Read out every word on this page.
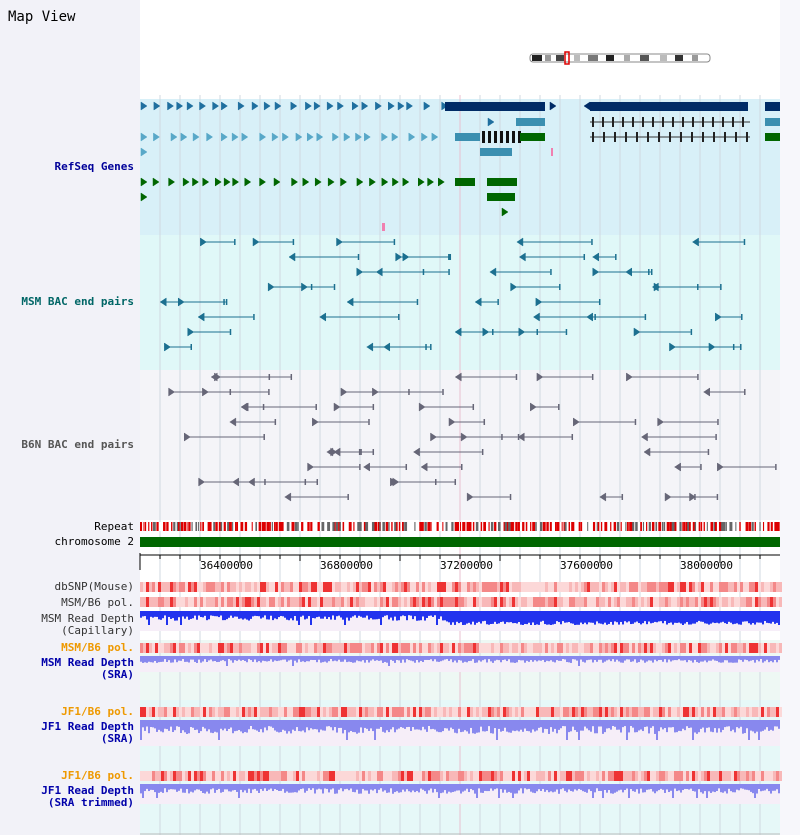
Map View

36400000	36800000	37200000	37600000	38000000
RefSeq Genes
MSM BAC end pairs
B6N BAC end pairs
Repeat
chromosome 2
dbSNP(Mouse)
MSM/B6 pol.
MSM Read Depth
(Capillary)
MSM/B6 pol.
MSM Read Depth
(SRA)
JF1/B6 pol.
JF1 Read Depth
(SRA)
JF1/B6 pol.
JF1 Read Depth
(SRA trimmed)
